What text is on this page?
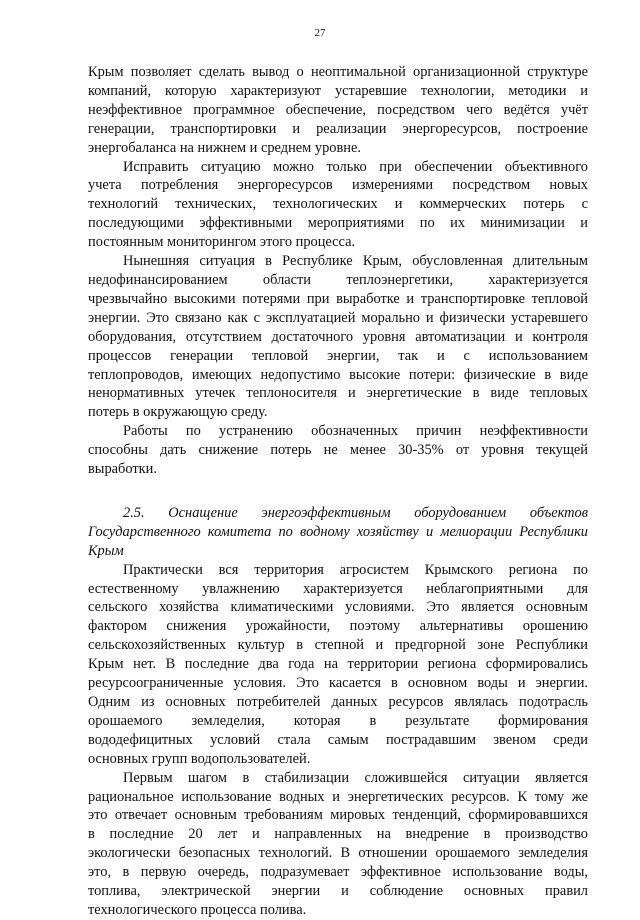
27
Крым позволяет сделать вывод о неоптимальной организационной структуре
компаний, которую характеризуют устаревшие технологии, методики и
неэффективное программное обеспечение, посредством чего ведётся учёт
генерации, транспортировки и реализации энергоресурсов, построение
энергобаланса на нижнем и среднем уровне.
Исправить ситуацию можно только при обеспечении объективного
учета потребления энергоресурсов измерениями посредством новых
технологий технических, технологических и коммерческих потерь с
последующими эффективными мероприятиями по их минимизации и
постоянным мониторингом этого процесса.
Нынешняя ситуация в Республике Крым, обусловленная длительным
недофинансированием области теплоэнергетики, характеризуется
чрезвычайно высокими потерями при выработке и транспортировке тепловой
энергии. Это связано как с эксплуатацией морально и физически устаревшего
оборудования, отсутствием достаточного уровня автоматизации и контроля
процессов генерации тепловой энергии, так и с использованием
теплопроводов, имеющих недопустимо высокие потери: физические в виде
ненормативных утечек теплоносителя и энергетические в виде тепловых
потерь в окружающую среду.
Работы по устранению обозначенных причин неэффективности
способны дать снижение потерь не менее 30-35% от уровня текущей
выработки.
2.5. Оснащение энергоэффективным оборудованием объектов
Государственного комитета по водному хозяйству и мелиорации Республики
Крым
Практически вся территория агросистем Крымского региона по
естественному увлажнению характеризуется неблагоприятными для
сельского хозяйства климатическими условиями. Это является основным
фактором снижения урожайности, поэтому альтернативы орошению
сельскохозяйственных культур в степной и предгорной зоне Республики
Крым нет. В последние два года на территории региона сформировались
ресурсоограниченные условия. Это касается в основном воды и энергии.
Одним из основных потребителей данных ресурсов являлась подотрасль
орошаемого земледелия, которая в результате формирования
вододефицитных условий стала самым пострадавшим звеном среди
основных групп водопользователей.
Первым шагом в стабилизации сложившейся ситуации является
рациональное использование водных и энергетических ресурсов. К тому же
это отвечает основным требованиям мировых тенденций, сформировавшихся
в последние 20 лет и направленных на внедрение в производство
экологически безопасных технологий. В отношении орошаемого земледелия
это, в первую очередь, подразумевает эффективное использование воды,
топлива, электрической энергии и соблюдение основных правил
технологического процесса полива.
